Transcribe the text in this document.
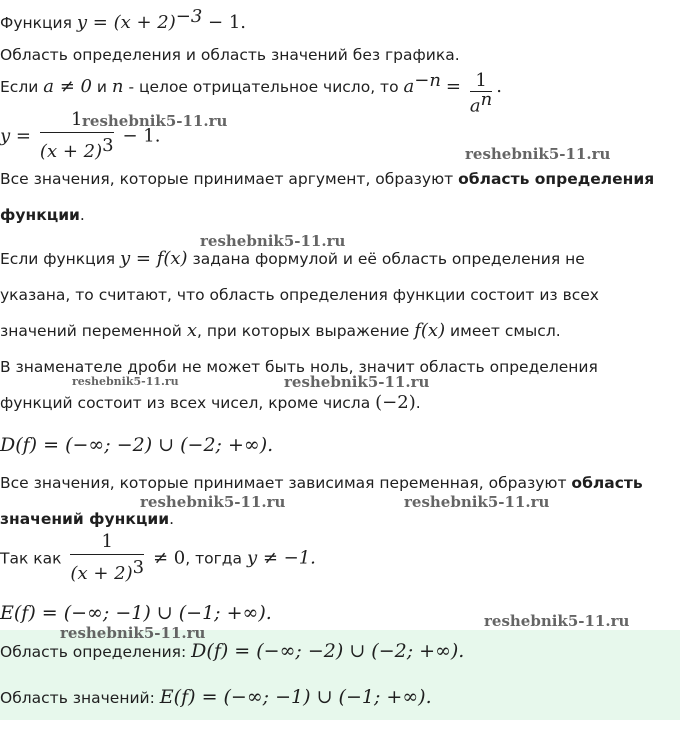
Функция $y = (x + 2)^{-3} - 1$.
Область определения и область значений без графика.
Если a ≠ 0 и n - целое отрицательное число, то $a^{-n} = \frac{1}{a^n}$ .
$y = \frac{1}{(x + 2)^3} - 1$.
Все значения, которые принимает аргумент, образуют область определения
функции.
Если функция y = f(x) задана формулой и её область определения не
указана, то считают, что область определения функции состоит из всех
значений переменной x, при которых выражение f(x) имеет смысл.
В знаменателе дроби не может быть ноль, значит область определения
функций состоит из всех чисел, кроме числа (−2).
D(f) = (−∞; −2) ∪ (−2; +∞).
Все значения, которые принимает зависимая переменная, образуют область
значений функции.
Так как $\frac{1}{(x + 2)^3} \ne 0$, тогда y ≠ −1.
E(f) = (−∞; −1) ∪ (−1; +∞).
Область определения: D(f) = (−∞; −2) ∪ (−2; +∞).
Область значений: E(f) = (−∞; −1) ∪ (−1; +∞).
reshebnik5-11.ru
reshebnik5-11.ru
reshebnik5-11.ru
reshebnik5-11.ru	reshebnik5-11.ru
reshebnik5-11.ru	reshebnik5-11.ru
reshebnik5-11.ru
reshebnik5-11.ru
